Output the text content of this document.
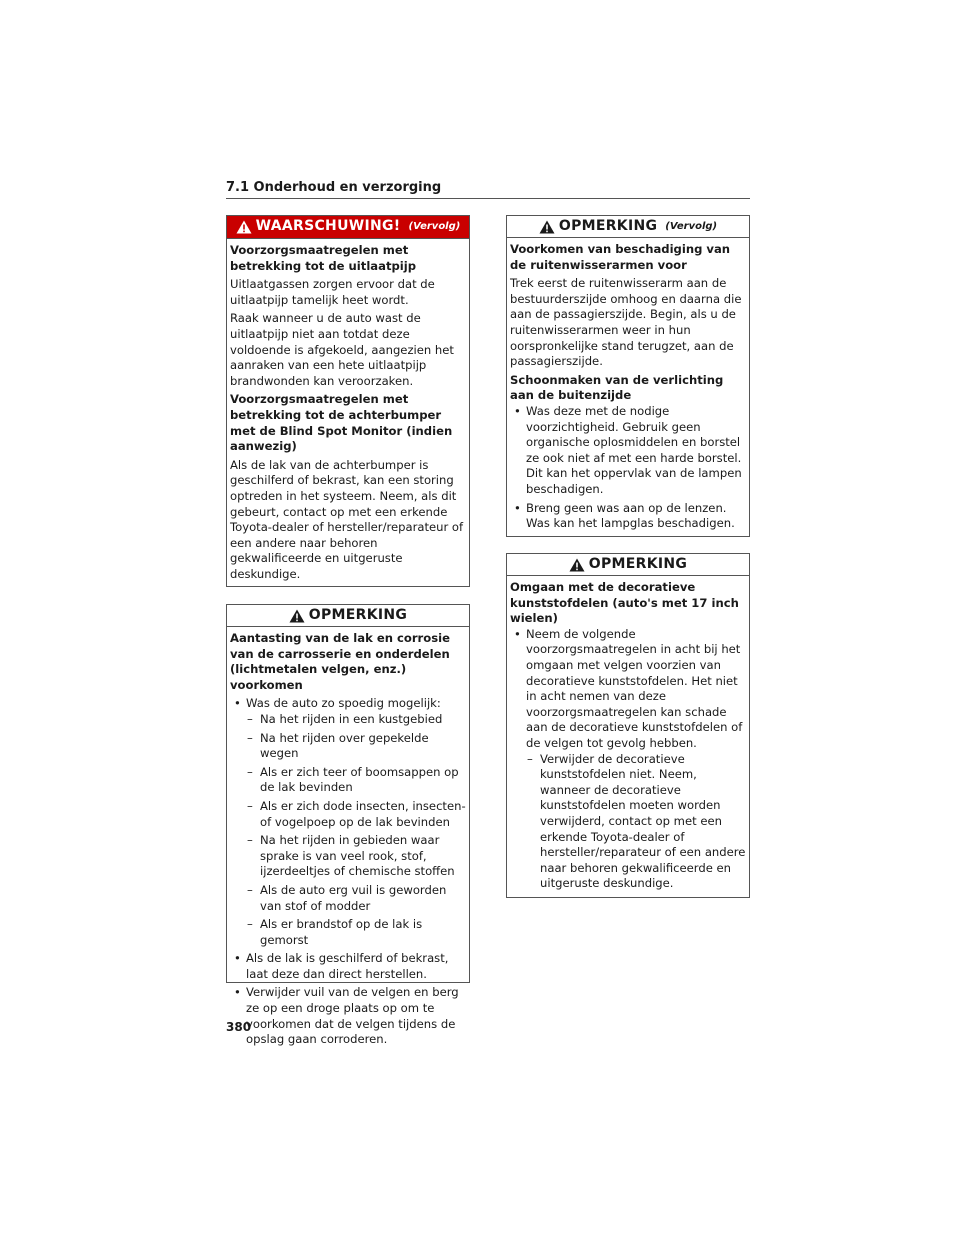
7.1 Onderhoud en verzorging
WAARSCHUWING! (Vervolg)

Voorzorgsmaatregelen met betrekking tot de uitlaatpijp

Uitlaatgassen zorgen ervoor dat de uitlaatpijp tamelijk heet wordt.

Raak wanneer u de auto wast de uitlaatpijp niet aan totdat deze voldoende is afgekoeld, aangezien het aanraken van een hete uitlaatpijp brandwonden kan veroorzaken.

Voorzorgsmaatregelen met betrekking tot de achterbumper met de Blind Spot Monitor (indien aanwezig)

Als de lak van de achterbumper is geschilferd of bekrast, kan een storing optreden in het systeem. Neem, als dit gebeurt, contact op met een erkende Toyota-dealer of hersteller/reparateur of een andere naar behoren gekwalificeerde en uitgeruste deskundige.

OPMERKING

Aantasting van de lak en corrosie van de carrosserie en onderdelen (lichtmetalen velgen, enz.) voorkomen

• Was de auto zo spoedig mogelijk:

– Na het rijden in een kustgebied

– Na het rijden over gepekelde wegen

– Als er zich teer of boomsappen op de lak bevinden

– Als er zich dode insecten, insecten- of vogelpoep op de lak bevinden

– Na het rijden in gebieden waar sprake is van veel rook, stof, ijzerdeeltjes of chemische stoffen

– Als de auto erg vuil is geworden van stof of modder

– Als er brandstof op de lak is gemorst

• Als de lak is geschilferd of bekrast, laat deze dan direct herstellen.

• Verwijder vuil van de velgen en berg ze op een droge plaats op om te voorkomen dat de velgen tijdens de opslag gaan corroderen.

OPMERKING (Vervolg)

Voorkomen van beschadiging van de ruitenwisserarmen voor

Trek eerst de ruitenwisserarm aan de bestuurderszijde omhoog en daarna die aan de passagierszijde. Begin, als u de ruitenwisserarmen weer in hun oorspronkelijke stand terugzet, aan de passagierszijde.

Schoonmaken van de verlichting aan de buitenzijde

• Was deze met de nodige voorzichtigheid. Gebruik geen organische oplosmiddelen en borstel ze ook niet af met een harde borstel. Dit kan het oppervlak van de lampen beschadigen.

• Breng geen was aan op de lenzen. Was kan het lampglas beschadigen.

OPMERKING

Omgaan met de decoratieve kunststofdelen (auto's met 17 inch wielen)

• Neem de volgende voorzorgsmaatregelen in acht bij het omgaan met velgen voorzien van decoratieve kunststofdelen. Het niet in acht nemen van deze voorzorgsmaatregelen kan schade aan de decoratieve kunststofdelen of de velgen tot gevolg hebben.

– Verwijder de decoratieve kunststofdelen niet. Neem, wanneer de decoratieve kunststofdelen moeten worden verwijderd, contact op met een erkende Toyota-dealer of hersteller/reparateur of een andere naar behoren gekwalificeerde en uitgeruste deskundige.

380
